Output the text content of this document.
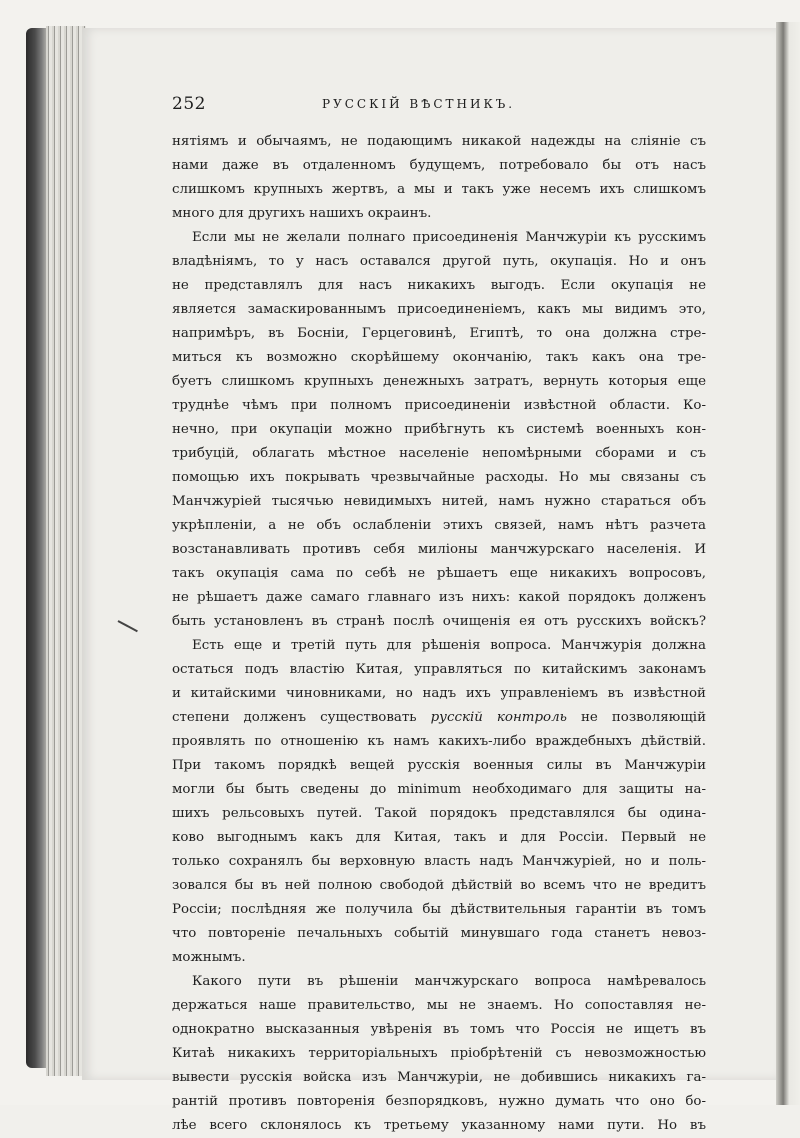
252	РУССКІЙ ВѢСТНИКЪ.
нятіямъ и обычаямъ, не подающимъ никакой надежды на сліяніе съ
нами даже въ отдаленномъ будущемъ, потребовало бы отъ насъ
слишкомъ крупныхъ жертвъ, а мы и такъ уже несемъ ихъ слишкомъ
много для другихъ нашихъ окраинъ.
Если мы не желали полнаго присоединенія Манчжуріи къ русскимъ
владѣніямъ, то у насъ оставался другой путь, окупація. Но и онъ
не представлялъ для насъ никакихъ выгодъ. Если окупація не
является замаскированнымъ присоединеніемъ, какъ мы видимъ это,
напримѣръ, въ Босніи, Герцеговинѣ, Египтѣ, то она должна стре-
миться къ возможно скорѣйшему окончанію, такъ какъ она тре-
буетъ слишкомъ крупныхъ денежныхъ затратъ, вернуть которыя еще
труднѣе чѣмъ при полномъ присоединеніи извѣстной области. Ко-
нечно, при окупаціи можно прибѣгнуть къ системѣ военныхъ кон-
трибуцій, облагать мѣстное населеніе непомѣрными сборами и съ
помощью ихъ покрывать чрезвычайные расходы. Но мы связаны съ
Манчжуріей тысячью невидимыхъ нитей, намъ нужно стараться объ
укрѣпленіи, а не объ ослабленіи этихъ связей, намъ нѣтъ разчета
возстанавливать противъ себя миліоны манчжурскаго населенія. И
такъ окупація сама по себѣ не рѣшаетъ еще никакихъ вопросовъ,
не рѣшаетъ даже самаго главнаго изъ нихъ: какой порядокъ долженъ
быть установленъ въ странѣ послѣ очищенія ея отъ русскихъ войскъ?
Есть еще и третій путь для рѣшенія вопроса. Манчжурія должна
остаться подъ властію Китая, управляться по китайскимъ законамъ
и китайскими чиновниками, но надъ ихъ управленіемъ въ извѣстной
степени долженъ существовать русскій контроль не позволяющій
проявлять по отношенію къ намъ какихъ-либо враждебныхъ дѣйствій.
При такомъ порядкѣ вещей русскія военныя силы въ Манчжуріи
могли бы быть сведены до minimum необходимаго для защиты на-
шихъ рельсовыхъ путей. Такой порядокъ представлялся бы одина-
ково выгоднымъ какъ для Китая, такъ и для Россіи. Первый не
только сохранялъ бы верховную власть надъ Манчжуріей, но и поль-
зовался бы въ ней полною свободой дѣйствій во всемъ что не вредитъ
Россіи; послѣдняя же получила бы дѣйствительныя гарантіи въ томъ
что повтореніе печальныхъ событій минувшаго года станетъ невоз-
можнымъ.
Какого пути въ рѣшеніи манчжурскаго вопроса намѣревалось
держаться наше правительство, мы не знаемъ. Но сопоставляя не-
однократно высказанныя увѣренія въ томъ что Россія не ищетъ въ
Китаѣ никакихъ территоріальныхъ пріобрѣтеній съ невозможностью
вывести русскія войска изъ Манчжуріи, не добившись никакихъ га-
рантій противъ повторенія безпорядковъ, нужно думать что оно бо-
лѣе всего склонялось къ третьему указанному нами пути. Но въ
